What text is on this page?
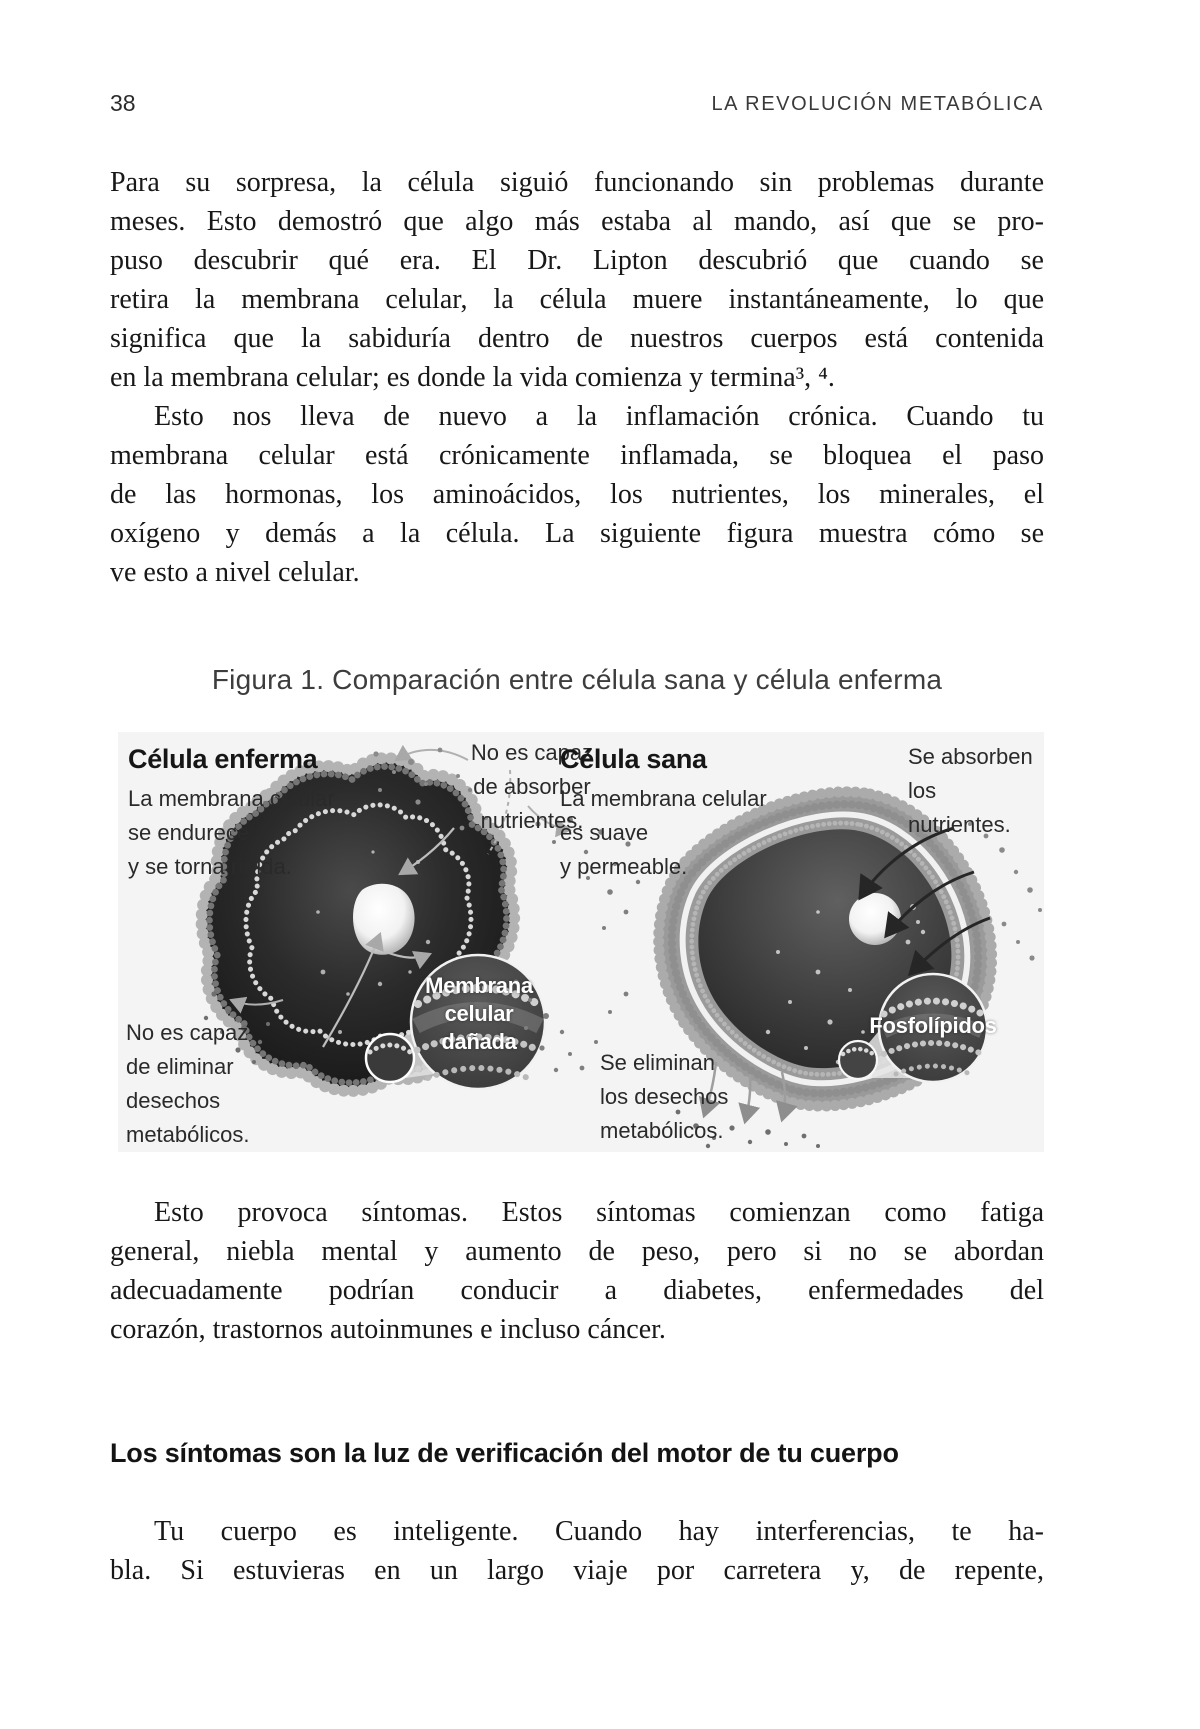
38	LA REVOLUCIÓN METABÓLICA
Para su sorpresa, la célula siguió funcionando sin problemas durante
meses. Esto demostró que algo más estaba al mando, así que se pro-
puso descubrir qué era. El Dr. Lipton descubrió que cuando se
retira la membrana celular, la célula muere instantáneamente, lo que
significa que la sabiduría dentro de nuestros cuerpos está contenida
en la membrana celular; es donde la vida comienza y termina³, ⁴.
Esto nos lleva de nuevo a la inflamación crónica. Cuando tu
membrana celular está crónicamente inflamada, se bloquea el paso
de las hormonas, los aminoácidos, los nutrientes, los minerales, el
oxígeno y demás a la célula. La siguiente figura muestra cómo se
ve esto a nivel celular.
Figura 1. Comparación entre célula sana y célula enferma
Célula enferma
La membrana celular
se endurece
y se torna rígida.
No es capaz
de absorber
nutrientes.
No es capaz
de eliminar
desechos
metabólicos.
Membrana
celular dañada
Célula sana
La membrana celular
es suave
y permeable.
Se absorben
los nutrientes.
Se eliminan
los desechos
metabólicos.
Fosfolípidos
Esto provoca síntomas. Estos síntomas comienzan como fatiga
general, niebla mental y aumento de peso, pero si no se abordan
adecuadamente podrían conducir a diabetes, enfermedades del
corazón, trastornos autoinmunes e incluso cáncer.
Los síntomas son la luz de verificación del motor de tu cuerpo
Tu cuerpo es inteligente. Cuando hay interferencias, te ha-
bla. Si estuvieras en un largo viaje por carretera y, de repente,
